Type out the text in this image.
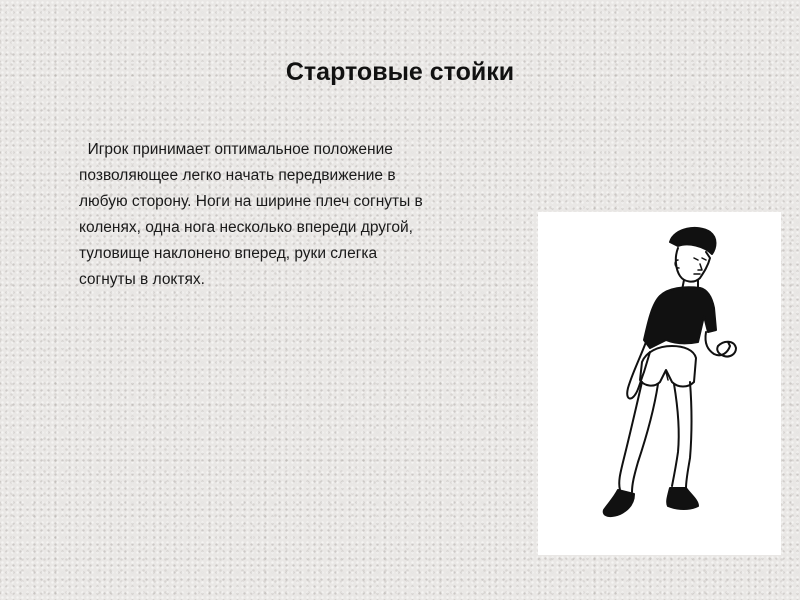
Стартовые стойки
Игрок принимает оптимальное положение
позволяющее легко начать передвижение в
любую сторону. Ноги на ширине плеч согнуты в
коленях, одна нога несколько впереди другой,
туловище наклонено вперед, руки слегка
согнуты в локтях.
